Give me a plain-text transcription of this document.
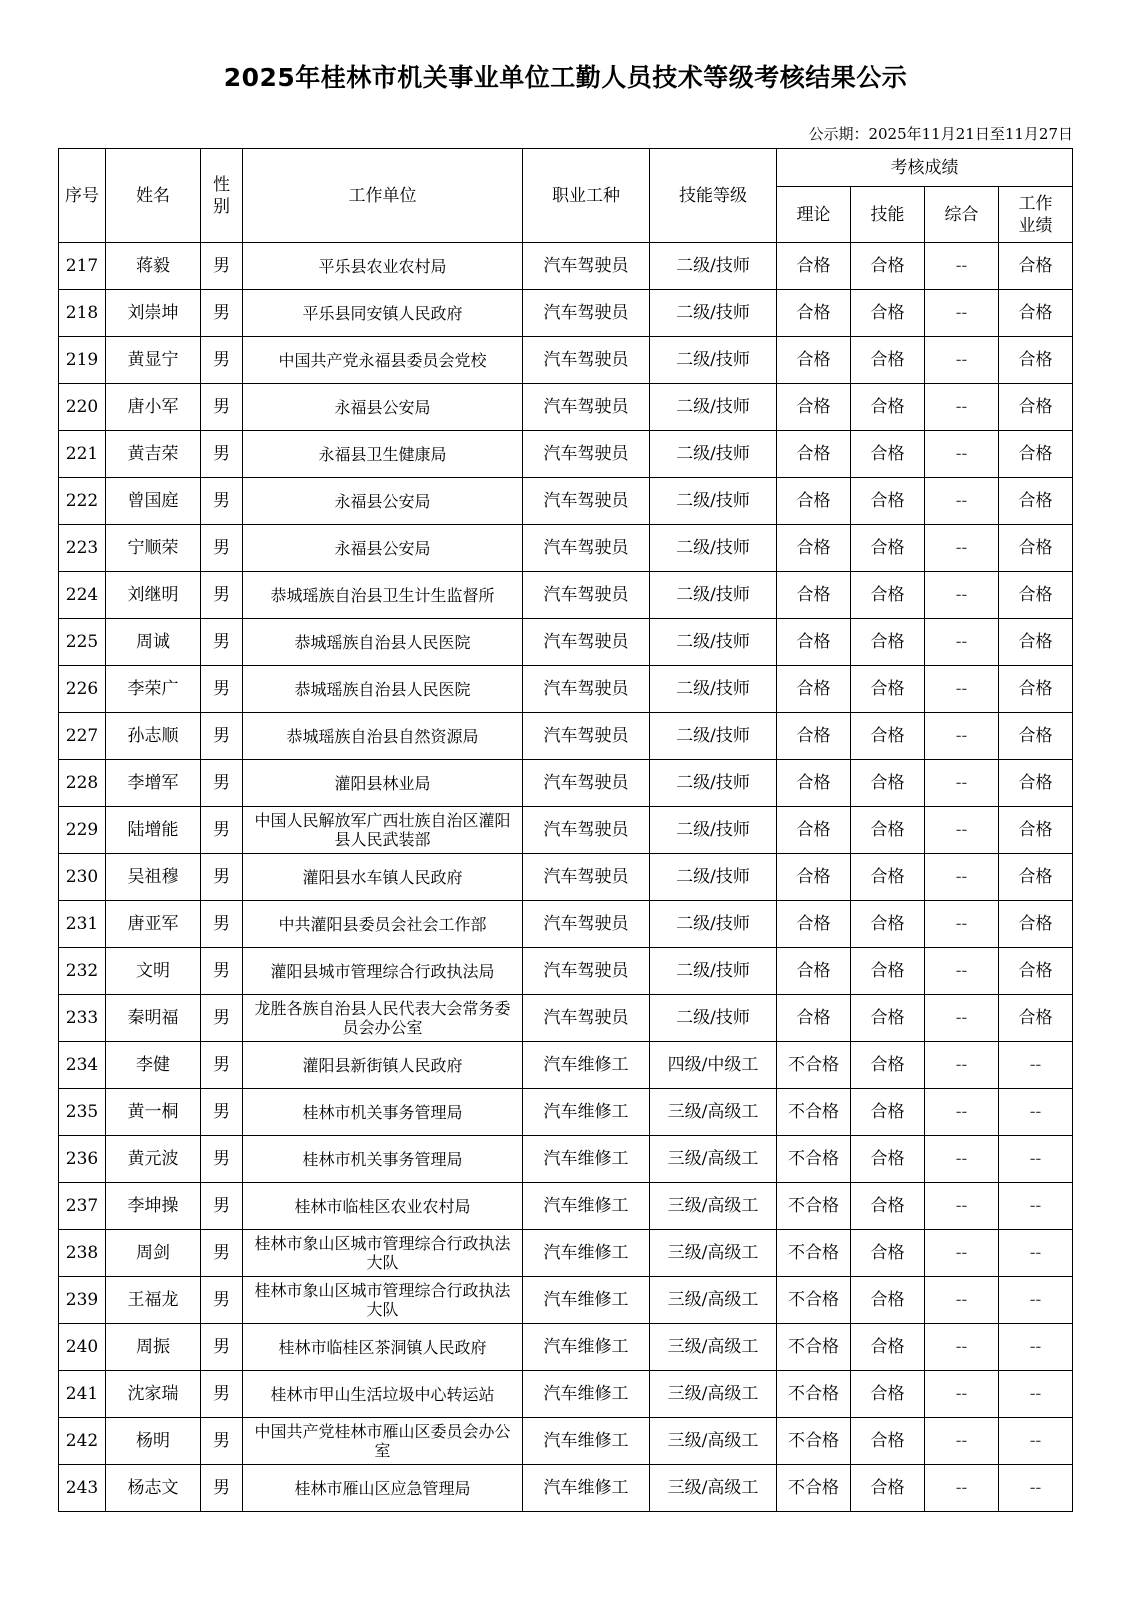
2025年桂林市机关事业单位工勤人员技术等级考核结果公示
公示期：2025年11月21日至11月27日
序号	姓名	性别	工作单位	职业工种	技能等级	考核成绩			
						理论	技能	综合	工作业绩
217	蒋毅	男	平乐县农业农村局	汽车驾驶员	二级/技师	合格	合格	--	合格
218	刘崇坤	男	平乐县同安镇人民政府	汽车驾驶员	二级/技师	合格	合格	--	合格
219	黄显宁	男	中国共产党永福县委员会党校	汽车驾驶员	二级/技师	合格	合格	--	合格
220	唐小军	男	永福县公安局	汽车驾驶员	二级/技师	合格	合格	--	合格
221	黄吉荣	男	永福县卫生健康局	汽车驾驶员	二级/技师	合格	合格	--	合格
222	曾国庭	男	永福县公安局	汽车驾驶员	二级/技师	合格	合格	--	合格
223	宁顺荣	男	永福县公安局	汽车驾驶员	二级/技师	合格	合格	--	合格
224	刘继明	男	恭城瑶族自治县卫生计生监督所	汽车驾驶员	二级/技师	合格	合格	--	合格
225	周诚	男	恭城瑶族自治县人民医院	汽车驾驶员	二级/技师	合格	合格	--	合格
226	李荣广	男	恭城瑶族自治县人民医院	汽车驾驶员	二级/技师	合格	合格	--	合格
227	孙志顺	男	恭城瑶族自治县自然资源局	汽车驾驶员	二级/技师	合格	合格	--	合格
228	李增军	男	灌阳县林业局	汽车驾驶员	二级/技师	合格	合格	--	合格
229	陆增能	男	中国人民解放军广西壮族自治区灌阳县人民武装部	汽车驾驶员	二级/技师	合格	合格	--	合格
230	吴祖穆	男	灌阳县水车镇人民政府	汽车驾驶员	二级/技师	合格	合格	--	合格
231	唐亚军	男	中共灌阳县委员会社会工作部	汽车驾驶员	二级/技师	合格	合格	--	合格
232	文明	男	灌阳县城市管理综合行政执法局	汽车驾驶员	二级/技师	合格	合格	--	合格
233	秦明福	男	龙胜各族自治县人民代表大会常务委员会办公室	汽车驾驶员	二级/技师	合格	合格	--	合格
234	李健	男	灌阳县新街镇人民政府	汽车维修工	四级/中级工	不合格	合格	--	--
235	黄一桐	男	桂林市机关事务管理局	汽车维修工	三级/高级工	不合格	合格	--	--
236	黄元波	男	桂林市机关事务管理局	汽车维修工	三级/高级工	不合格	合格	--	--
237	李坤操	男	桂林市临桂区农业农村局	汽车维修工	三级/高级工	不合格	合格	--	--
238	周剑	男	桂林市象山区城市管理综合行政执法大队	汽车维修工	三级/高级工	不合格	合格	--	--
239	王福龙	男	桂林市象山区城市管理综合行政执法大队	汽车维修工	三级/高级工	不合格	合格	--	--
240	周振	男	桂林市临桂区茶洞镇人民政府	汽车维修工	三级/高级工	不合格	合格	--	--
241	沈家瑞	男	桂林市甲山生活垃圾中心转运站	汽车维修工	三级/高级工	不合格	合格	--	--
242	杨明	男	中国共产党桂林市雁山区委员会办公室	汽车维修工	三级/高级工	不合格	合格	--	--
243	杨志文	男	桂林市雁山区应急管理局	汽车维修工	三级/高级工	不合格	合格	--	--
